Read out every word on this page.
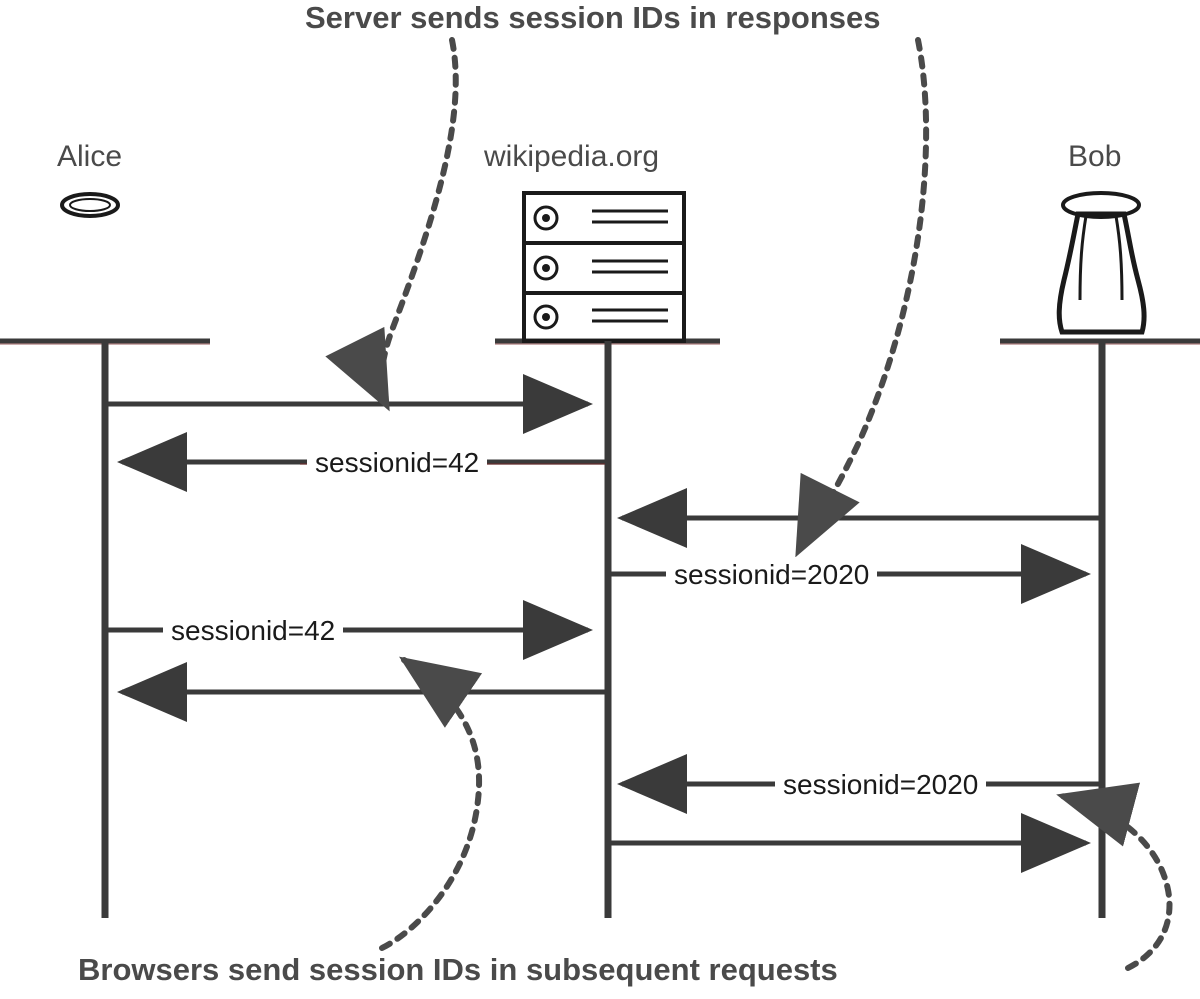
Server sends session IDs in responses
Browsers send session IDs in subsequent requests
Alice	wikipedia.org	Bob
sessionid=42
sessionid=2020
sessionid=42
sessionid=2020
